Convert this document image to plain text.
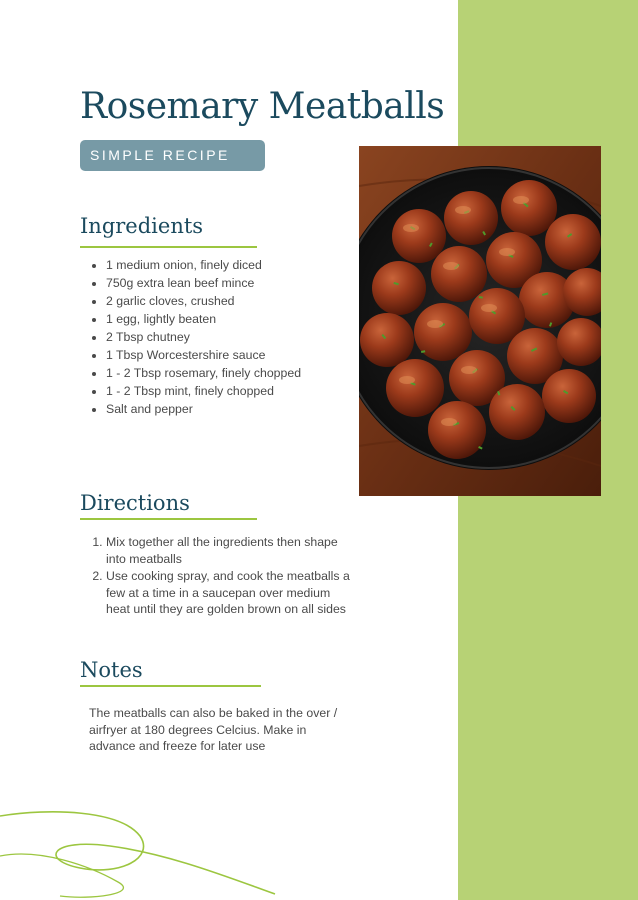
Rosemary Meatballs
SIMPLE RECIPE
Ingredients
• 1 medium onion, finely diced
• 750g extra lean beef mince
• 2 garlic cloves, crushed
• 1 egg, lightly beaten
• 2 Tbsp chutney
• 1 Tbsp Worcestershire sauce
• 1 - 2 Tbsp rosemary, finely chopped
• 1 - 2 Tbsp mint, finely chopped
• Salt and pepper
Directions
1. Mix together all the ingredients then shape into meatballs
2. Use cooking spray, and cook the meatballs a few at a time in a saucepan over medium heat until they are golden brown on all sides
Notes

The meatballs can also be baked in the over / airfryer at 180 degrees Celcius. Make in advance and freeze for later use
